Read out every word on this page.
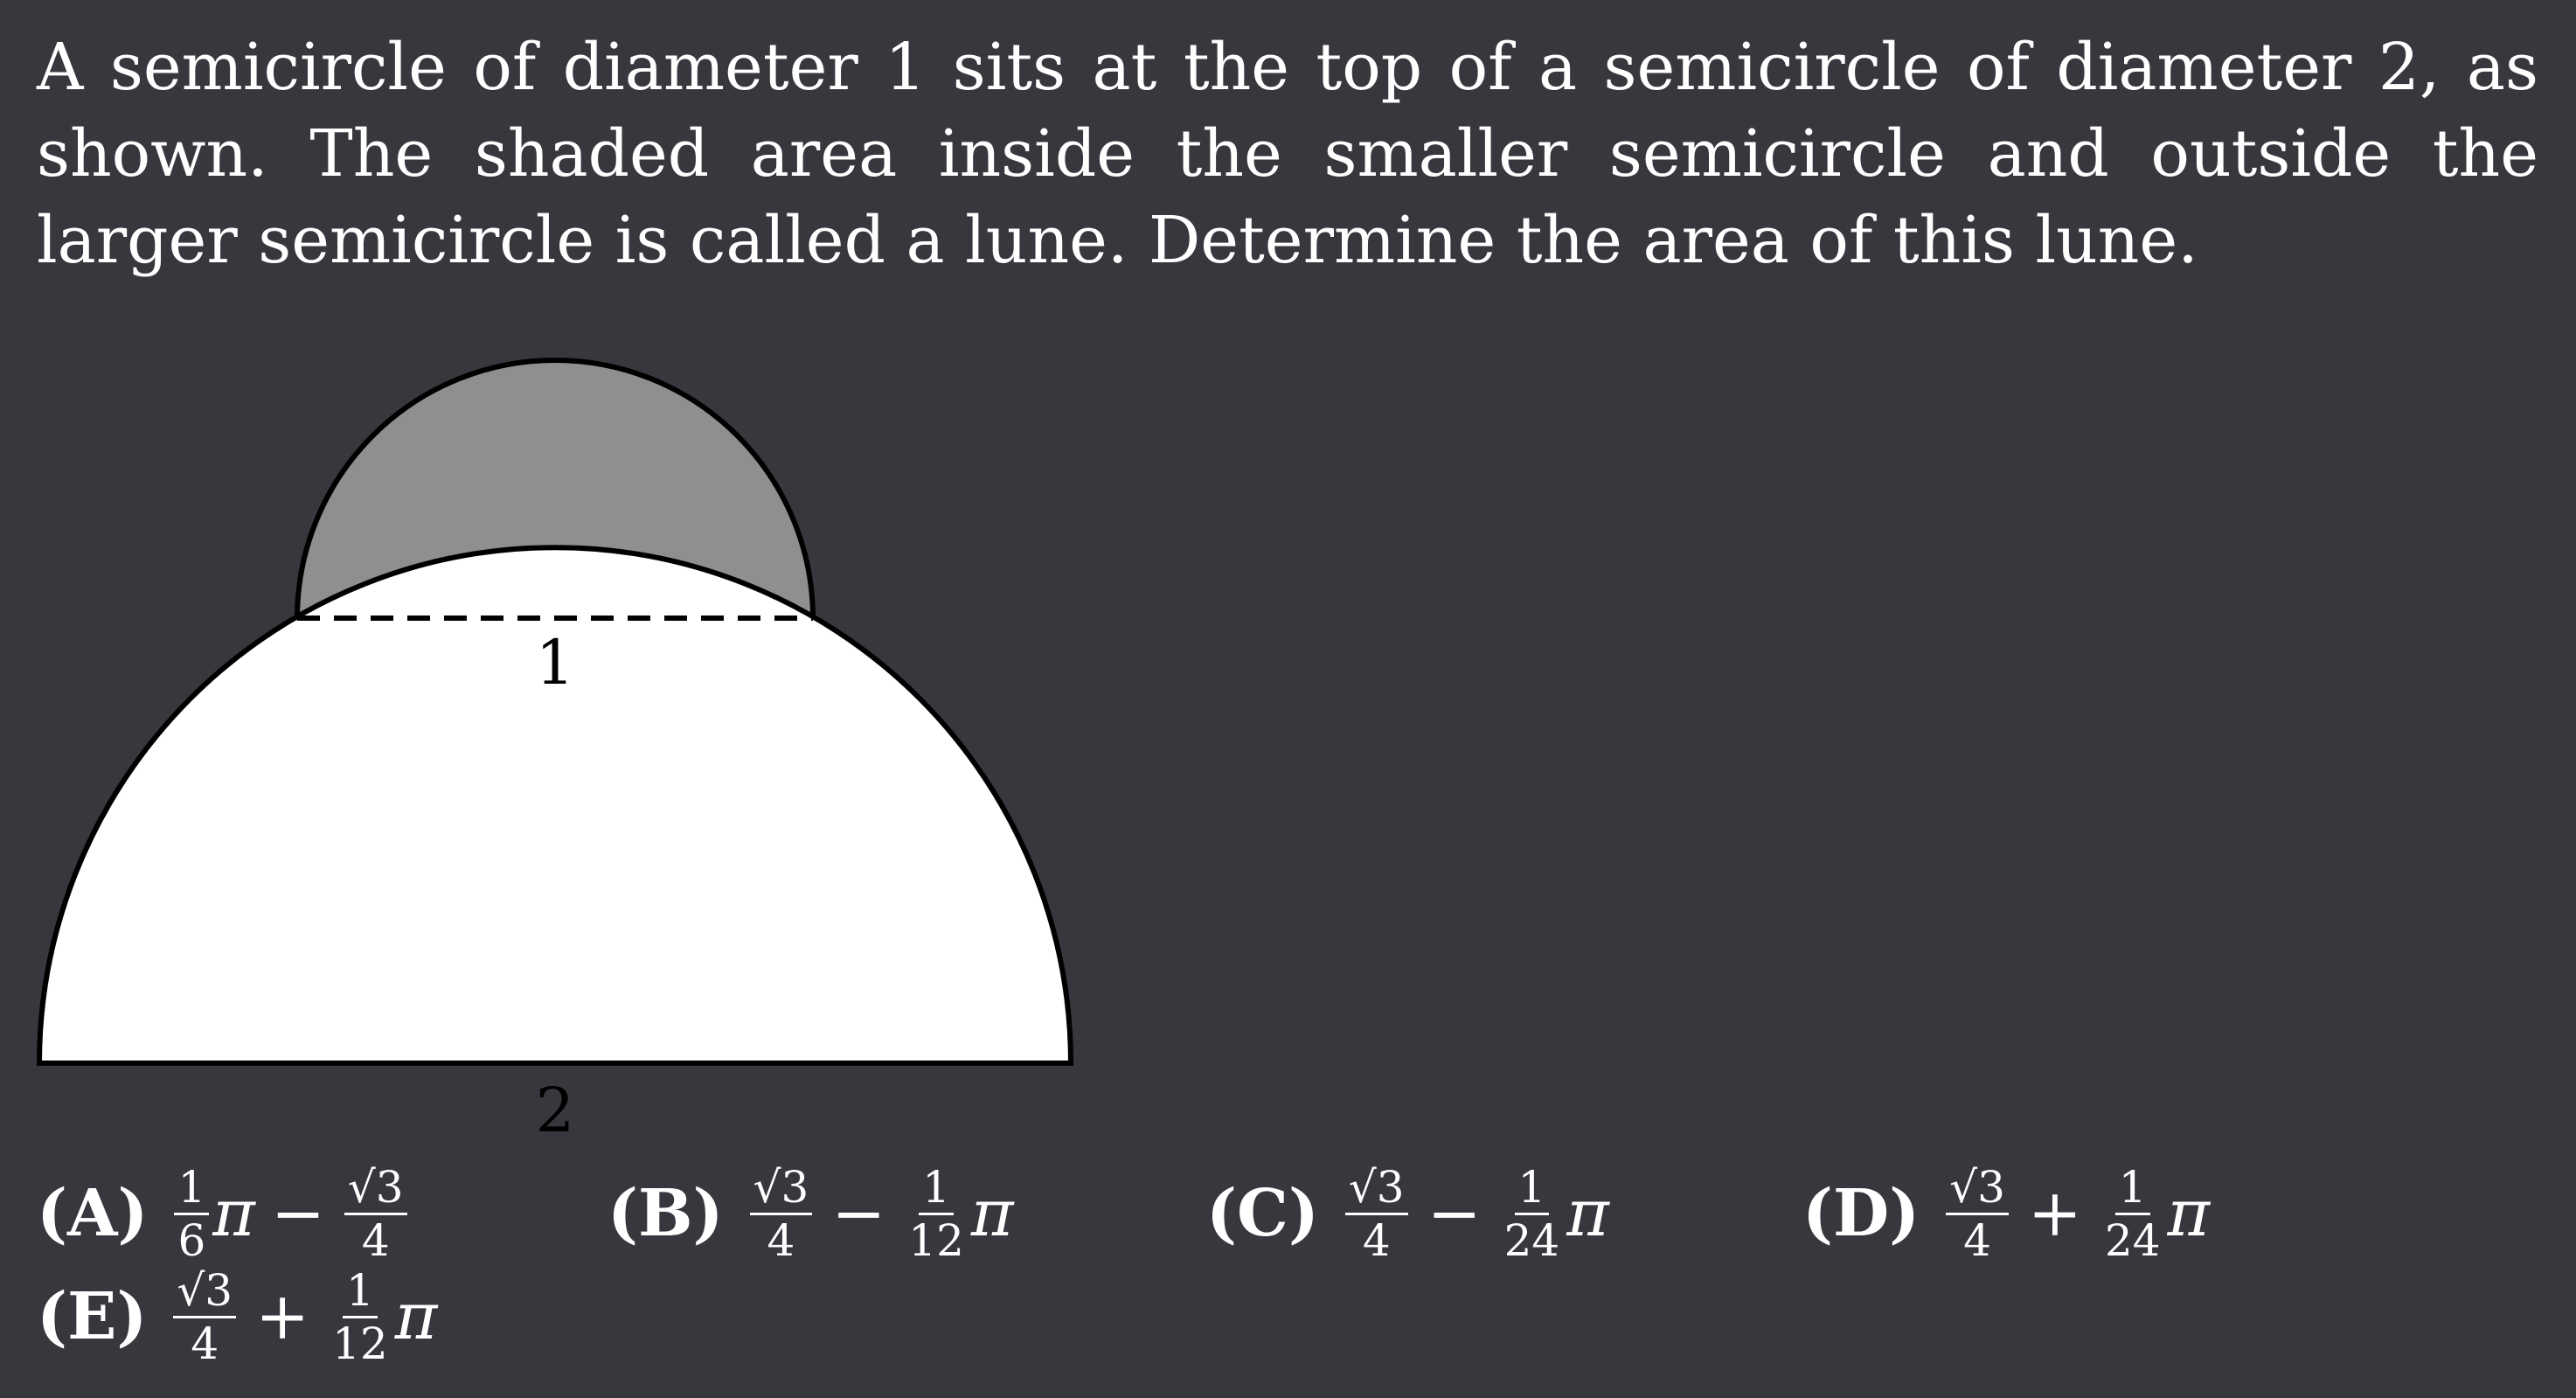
A semicircle of diameter 1 sits at the top of a semicircle of diameter 2, as shown. The shaded area inside the smaller semicircle and outside the larger semicircle is called a lune. Determine the area of this lune.

1
2
$(A) \frac{1}{6}$ $\pi - \frac{√3}{4}$	$(B) \frac{√3}{4} - \frac{1}{12}$ π	$(C) \frac{√3}{4} - \frac{1}{24}$ π	$(D) \frac{√3}{4} + \frac{1}{24}$ π
$(E) \frac{√3}{4} + \frac{1}{12}$ π
